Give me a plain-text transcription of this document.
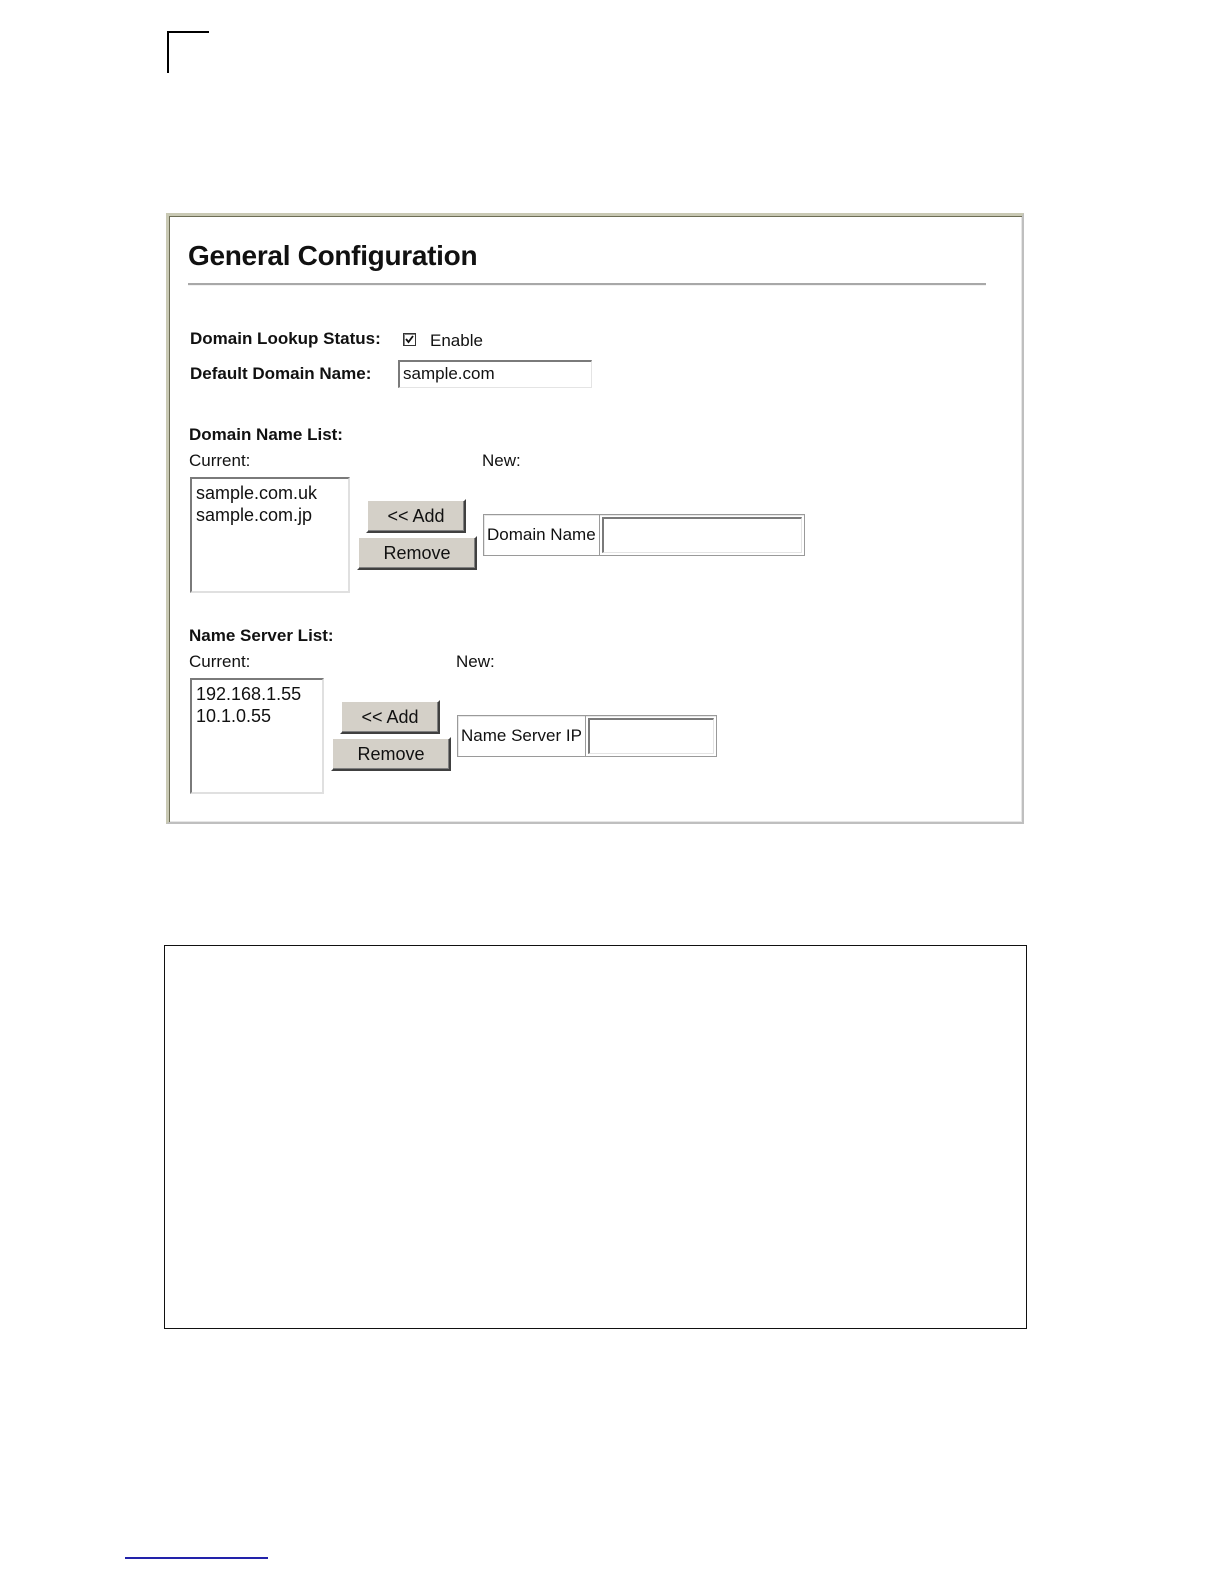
General Configuration
Domain Lookup Status:	Enable
Default Domain Name: sample.com
Domain Name List:
Current:	New:
sample.com.uk
sample.com.jp	<< Add
Remove
Domain Name
Name Server List:
Current:	New:
192.168.1.55
10.1.0.55	<< Add
Remove
Name Server IP
